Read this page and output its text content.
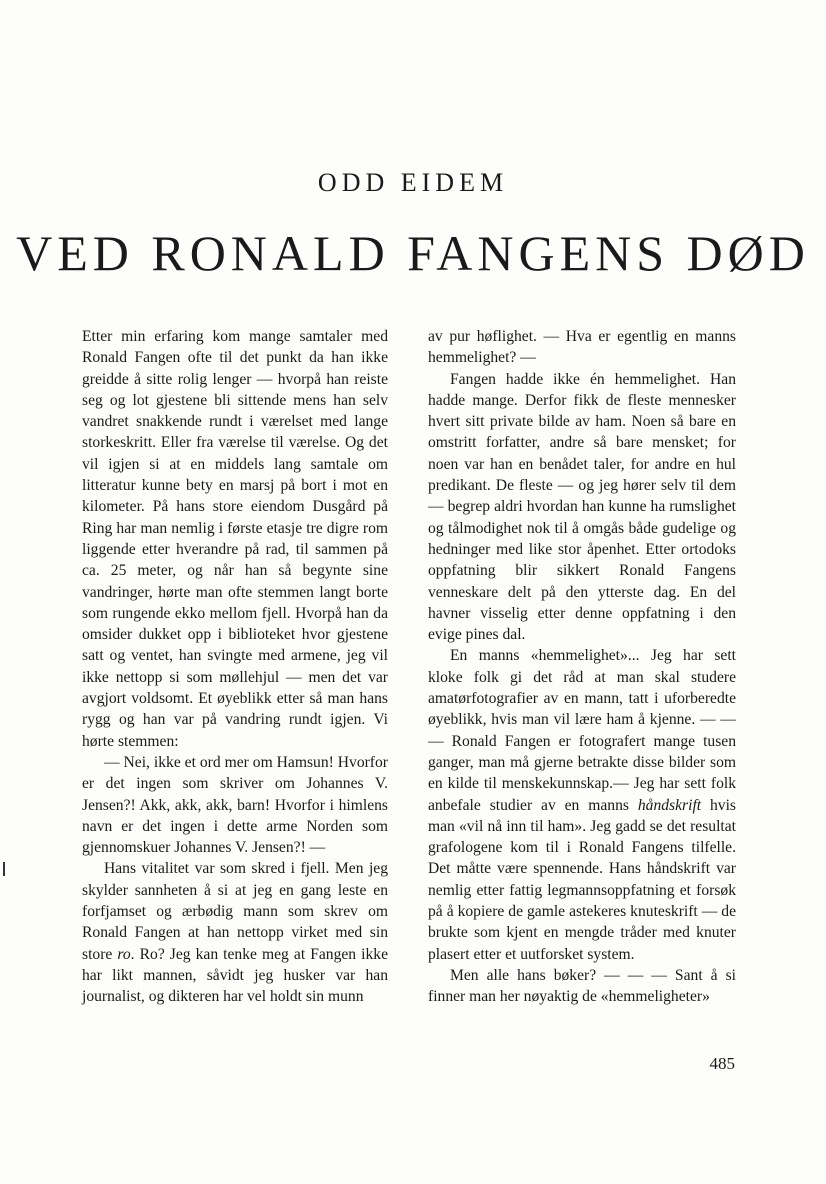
ODD EIDEM
VED RONALD FANGENS DØD

Etter min erfaring kom mange samtaler med Ronald Fangen ofte til det punkt da han ikke greidde å sitte rolig lenger — hvorpå han reiste seg og lot gjestene bli sittende mens han selv vandret snakkende rundt i værelset med lange storkeskritt. Eller fra værelse til værelse. Og det vil igjen si at en middels lang samtale om litteratur kunne bety en marsj på bort i mot en kilometer. På hans store eiendom Dusgård på Ring har man nemlig i første etasje tre digre rom liggende etter hverandre på rad, til sammen på ca. 25 meter, og når han så begynte sine vandringer, hørte man ofte stemmen langt borte som rungende ekko mellom fjell. Hvorpå han da omsider dukket opp i biblioteket hvor gjestene satt og ventet, han svingte med armene, jeg vil ikke nettopp si som møllehjul — men det var avgjort voldsomt. Et øyeblikk etter så man hans rygg og han var på vandring rundt igjen. Vi hørte stemmen:

— Nei, ikke et ord mer om Hamsun! Hvorfor er det ingen som skriver om Johannes V. Jensen?! Akk, akk, akk, barn! Hvorfor i himlens navn er det ingen i dette arme Norden som gjennomskuer Johannes V. Jensen?! —

Hans vitalitet var som skred i fjell. Men jeg skylder sannheten å si at jeg en gang leste en forfjamset og ærbødig mann som skrev om Ronald Fangen at han nettopp virket med sin store ro. Ro? Jeg kan tenke meg at Fangen ikke har likt mannen, såvidt jeg husker var han journalist, og dikteren har vel holdt sin munn

av pur høflighet. — Hva er egentlig en manns hemmelighet? —

Fangen hadde ikke én hemmelighet. Han hadde mange. Derfor fikk de fleste mennesker hvert sitt private bilde av ham. Noen så bare en omstritt forfatter, andre så bare mensket; for noen var han en benådet taler, for andre en hul predikant. De fleste — og jeg hører selv til dem — begrep aldri hvordan han kunne ha rumslighet og tålmodighet nok til å omgås både gudelige og hedninger med like stor åpenhet. Etter ortodoks oppfatning blir sikkert Ronald Fangens venneskare delt på den ytterste dag. En del havner visselig etter denne oppfatning i den evige pines dal.

En manns «hemmelighet»... Jeg har sett kloke folk gi det råd at man skal studere amatørfotografier av en mann, tatt i uforberedte øyeblikk, hvis man vil lære ham å kjenne. — — — Ronald Fangen er fotografert mange tusen ganger, man må gjerne betrakte disse bilder som en kilde til menskekunnskap.— Jeg har sett folk anbefale studier av en manns håndskrift hvis man «vil nå inn til ham». Jeg gadd se det resultat grafologene kom til i Ronald Fangens tilfelle. Det måtte være spennende. Hans håndskrift var nemlig etter fattig legmannsoppfatning et forsøk på å kopiere de gamle astekeres knuteskrift — de brukte som kjent en mengde tråder med knuter plasert etter et uutforsket system.

Men alle hans bøker? — — — Sant å si finner man her nøyaktig de «hemmeligheter»

485
